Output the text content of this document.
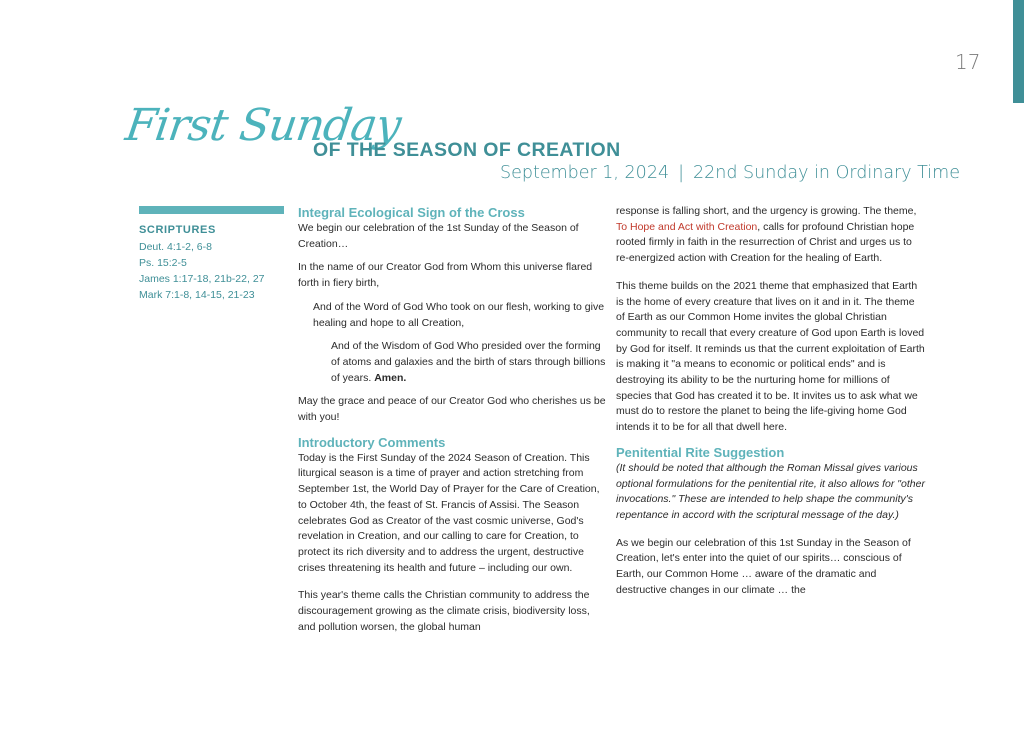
17
First Sunday
OF THE SEASON OF CREATION
September 1, 2024 | 22nd Sunday in Ordinary Time
SCRIPTURES
Deut. 4:1-2, 6-8
Ps. 15:2-5
James 1:17-18, 21b-22, 27
Mark 7:1-8, 14-15, 21-23
Integral Ecological Sign of the Cross

We begin our celebration of the 1st Sunday of the Season of Creation…

In the name of our Creator God from Whom this universe flared forth in fiery birth,

And of the Word of God Who took on our flesh, working to give healing and hope to all Creation,

And of the Wisdom of God Who presided over the forming of atoms and galaxies and the birth of stars through billions of years. Amen.

May the grace and peace of our Creator God who cherishes us be with you!

Introductory Comments

Today is the First Sunday of the 2024 Season of Creation. This liturgical season is a time of prayer and action stretching from September 1st, the World Day of Prayer for the Care of Creation, to October 4th, the feast of St. Francis of Assisi. The Season celebrates God as Creator of the vast cosmic universe, God's revelation in Creation, and our calling to care for Creation, to protect its rich diversity and to address the urgent, destructive crises threatening its health and future – including our own.

This year's theme calls the Christian community to address the discouragement growing as the climate crisis, biodiversity loss, and pollution worsen, the global human

response is falling short, and the urgency is growing. The theme, To Hope and Act with Creation, calls for profound Christian hope rooted firmly in faith in the resurrection of Christ and urges us to re-energized action with Creation for the healing of Earth.

This theme builds on the 2021 theme that emphasized that Earth is the home of every creature that lives on it and in it. The theme of Earth as our Common Home invites the global Christian community to recall that every creature of God upon Earth is loved by God for itself. It reminds us that the current exploitation of Earth is making it "a means to economic or political ends" and is destroying its ability to be the nurturing home for millions of species that God has created it to be. It invites us to ask what we must do to restore the planet to being the life-giving home God intends it to be for all that dwell here.

Penitential Rite Suggestion

(It should be noted that although the Roman Missal gives various optional formulations for the penitential rite, it also allows for "other invocations." These are intended to help shape the community's repentance in accord with the scriptural message of the day.)

As we begin our celebration of this 1st Sunday in the Season of Creation, let's enter into the quiet of our spirits… conscious of Earth, our Common Home … aware of the dramatic and destructive changes in our climate … the
